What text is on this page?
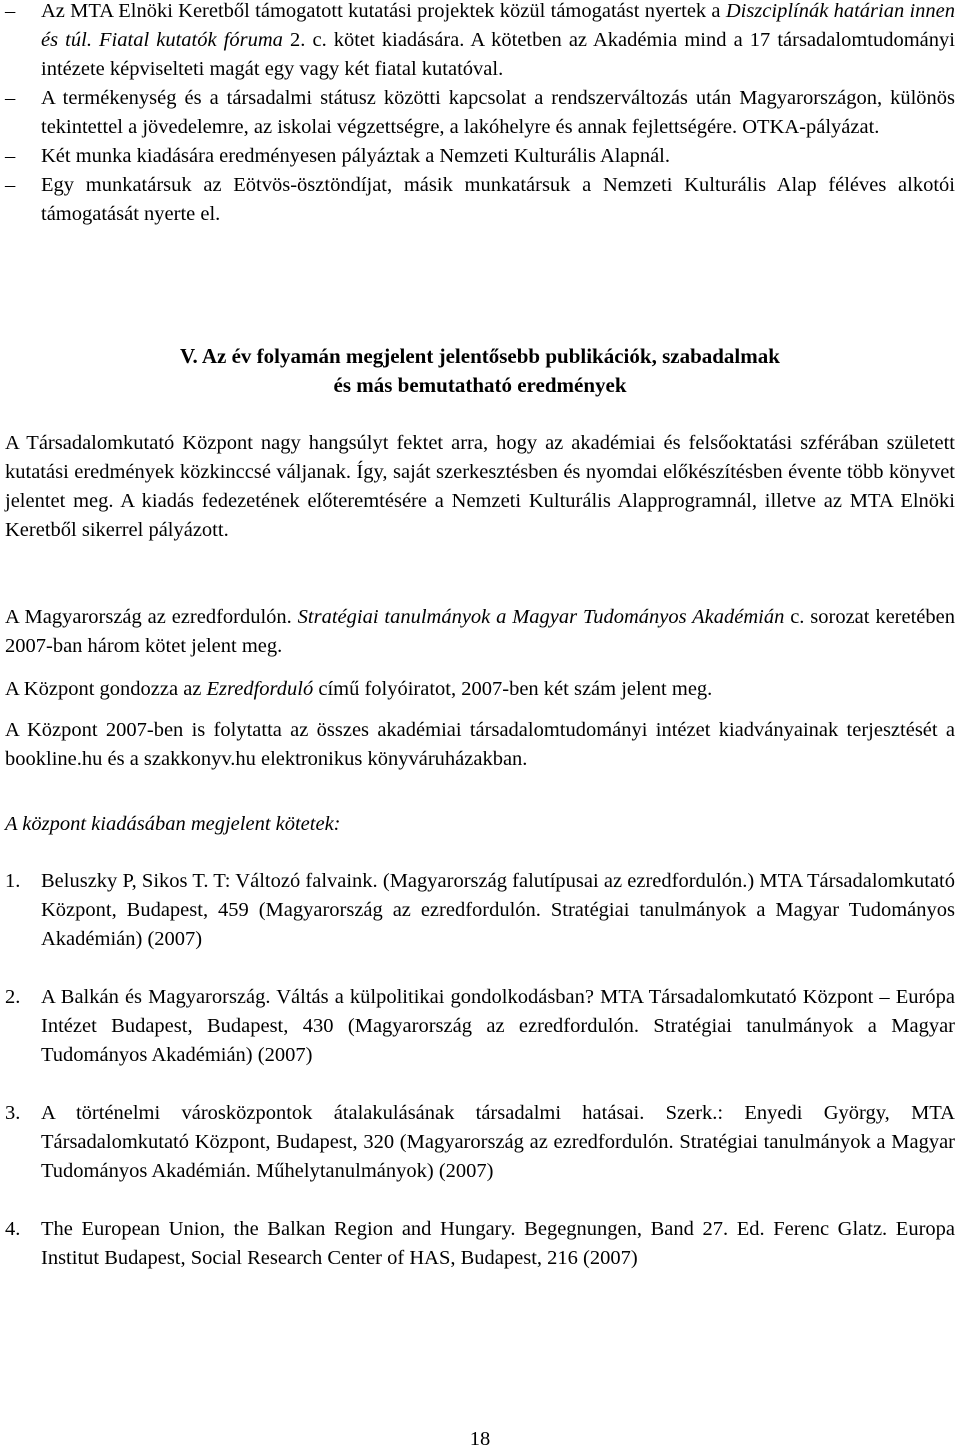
– Az MTA Elnöki Keretből támogatott kutatási projektek közül támogatást nyertek a Diszciplínák határian innen és túl. Fiatal kutatók fóruma 2. c. kötet kiadására. A kötetben az Akadémia mind a 17 társadalomtudományi intézete képviselteti magát egy vagy két fiatal kutatóval.
– A termékenység és a társadalmi státusz közötti kapcsolat a rendszerváltozás után Magyarországon, különös tekintettel a jövedelemre, az iskolai végzettségre, a lakóhelyre és annak fejlettségére. OTKA-pályázat.
– Két munka kiadására eredményesen pályáztak a Nemzeti Kulturális Alapnál.
– Egy munkatársuk az Eötvös-ösztöndíjat, másik munkatársuk a Nemzeti Kulturális Alap féléves alkotói támogatását nyerte el.
V. Az év folyamán megjelent jelentősebb publikációk, szabadalmak
és más bemutatható eredmények

A Társadalomkutató Központ nagy hangsúlyt fektet arra, hogy az akadémiai és felsőoktatási szférában született kutatási eredmények közkinccsé váljanak. Így, saját szerkesztésben és nyomdai előkészítésben évente több könyvet jelentet meg. A kiadás fedezetének előteremtésére a Nemzeti Kulturális Alapprogramnál, illetve az MTA Elnöki Keretből sikerrel pályázott.

A Magyarország az ezredfordulón. Stratégiai tanulmányok a Magyar Tudományos Akadémián c. sorozat keretében 2007-ban három kötet jelent meg.

A Központ gondozza az Ezredforduló című folyóiratot, 2007-ben két szám jelent meg.

A Központ 2007-ben is folytatta az összes akadémiai társadalomtudományi intézet kiadványainak terjesztését a bookline.hu és a szakkonyv.hu elektronikus könyváruházakban.

A központ kiadásában megjelent kötetek:

1. Beluszky P, Sikos T. T: Változó falvaink. (Magyarország falutípusai az ezredfordulón.) MTA Társadalomkutató Központ, Budapest, 459 (Magyarország az ezredfordulón. Stratégiai tanulmányok a Magyar Tudományos Akadémián) (2007)
2. A Balkán és Magyarország. Váltás a külpolitikai gondolkodásban? MTA Társadalomkutató Központ – Európa Intézet Budapest, Budapest, 430 (Magyarország az ezredfordulón. Stratégiai tanulmányok a Magyar Tudományos Akadémián) (2007)
3. A történelmi városközpontok átalakulásának társadalmi hatásai. Szerk.: Enyedi György, MTA Társadalomkutató Központ, Budapest, 320 (Magyarország az ezredfordulón. Stratégiai tanulmányok a Magyar Tudományos Akadémián. Műhelytanulmányok) (2007)
4. The European Union, the Balkan Region and Hungary. Begegnungen, Band 27. Ed. Ferenc Glatz. Europa Institut Budapest, Social Research Center of HAS, Budapest, 216 (2007)
18
